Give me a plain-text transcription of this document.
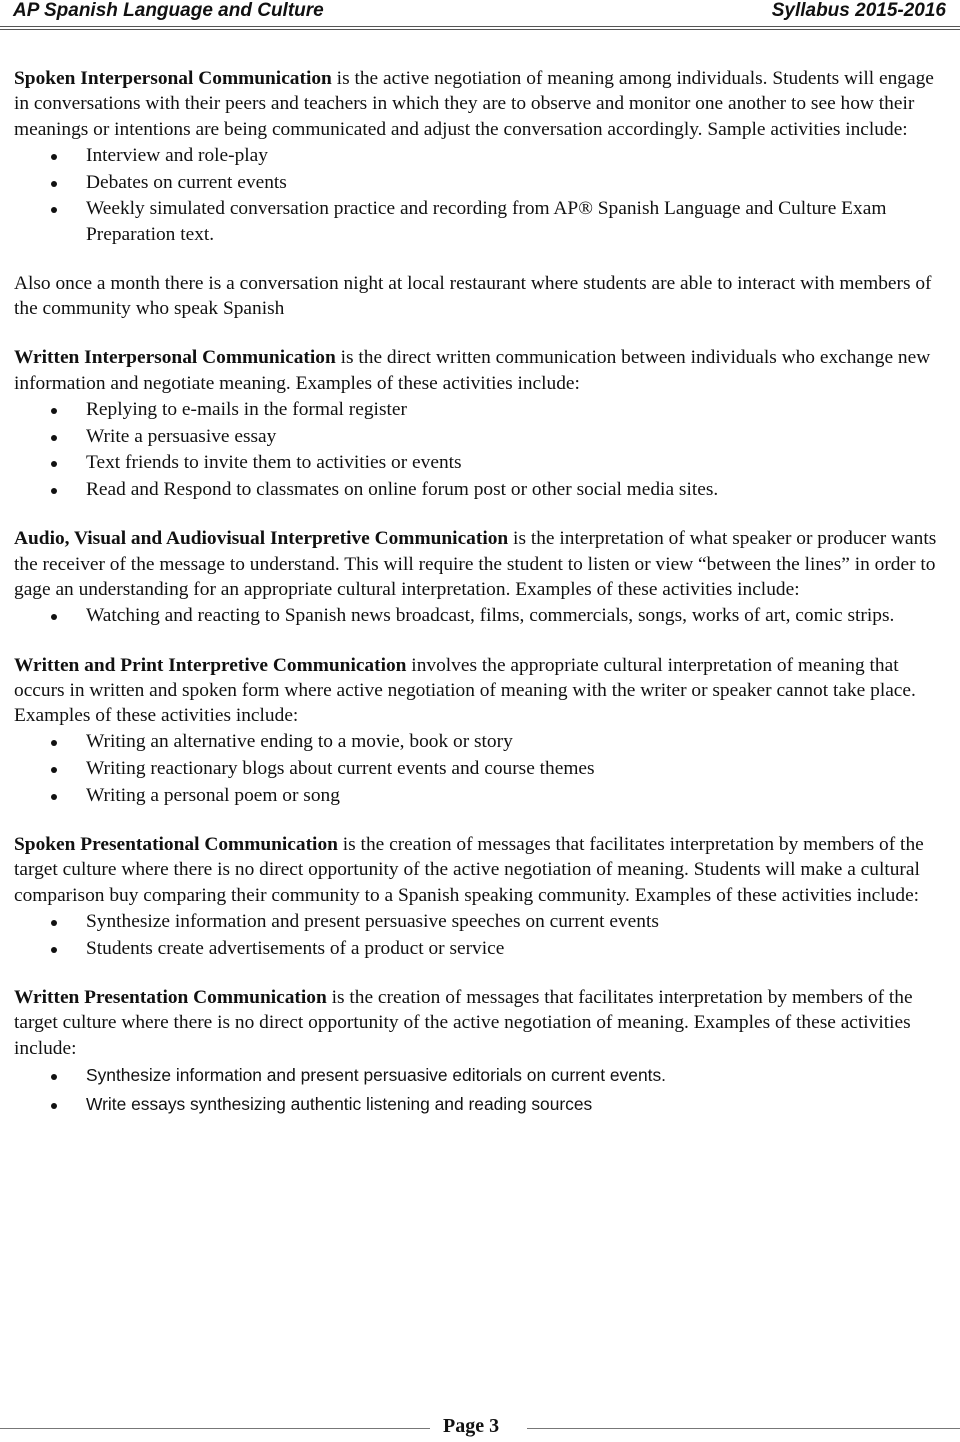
AP Spanish Language and Culture	Syllabus 2015-2016

Spoken Interpersonal Communication is the active negotiation of meaning among individuals. Students will engage in conversations with their peers and teachers in which they are to observe and monitor one another to see how their meanings or intentions are being communicated and adjust the conversation accordingly. Sample activities include:

Interview and role-play
Debates on current events
Weekly simulated conversation practice and recording from AP® Spanish Language and Culture Exam Preparation text.

Also once a month there is a conversation night at local restaurant where students are able to interact with members of the community who speak Spanish

Written Interpersonal Communication is the direct written communication between individuals who exchange new information and negotiate meaning. Examples of these activities include:

Replying to e-mails in the formal register
Write a persuasive essay
Text friends to invite them to activities or events
Read and Respond to classmates on online forum post or other social media sites.

Audio, Visual and Audiovisual Interpretive Communication is the interpretation of what speaker or producer wants the receiver of the message to understand. This will require the student to listen or view “between the lines” in order to gage an understanding for an appropriate cultural interpretation. Examples of these activities include:

Watching and reacting to Spanish news broadcast, films, commercials, songs, works of art, comic strips.

Written and Print Interpretive Communication involves the appropriate cultural interpretation of meaning that occurs in written and spoken form where active negotiation of meaning with the writer or speaker cannot take place. Examples of these activities include:

Writing an alternative ending to a movie, book or story
Writing reactionary blogs about current events and course themes
Writing a personal poem or song

Spoken Presentational Communication is the creation of messages that facilitates interpretation by members of the target culture where there is no direct opportunity of the active negotiation of meaning. Students will make a cultural comparison buy comparing their community to a Spanish speaking community. Examples of these activities include:

Synthesize information and present persuasive speeches on current events
Students create advertisements of a product or service

Written Presentation Communication is the creation of messages that facilitates interpretation by members of the target culture where there is no direct opportunity of the active negotiation of meaning. Examples of these activities include:

Synthesize information and present persuasive editorials on current events.
Write essays synthesizing authentic listening and reading sources
Page 3
